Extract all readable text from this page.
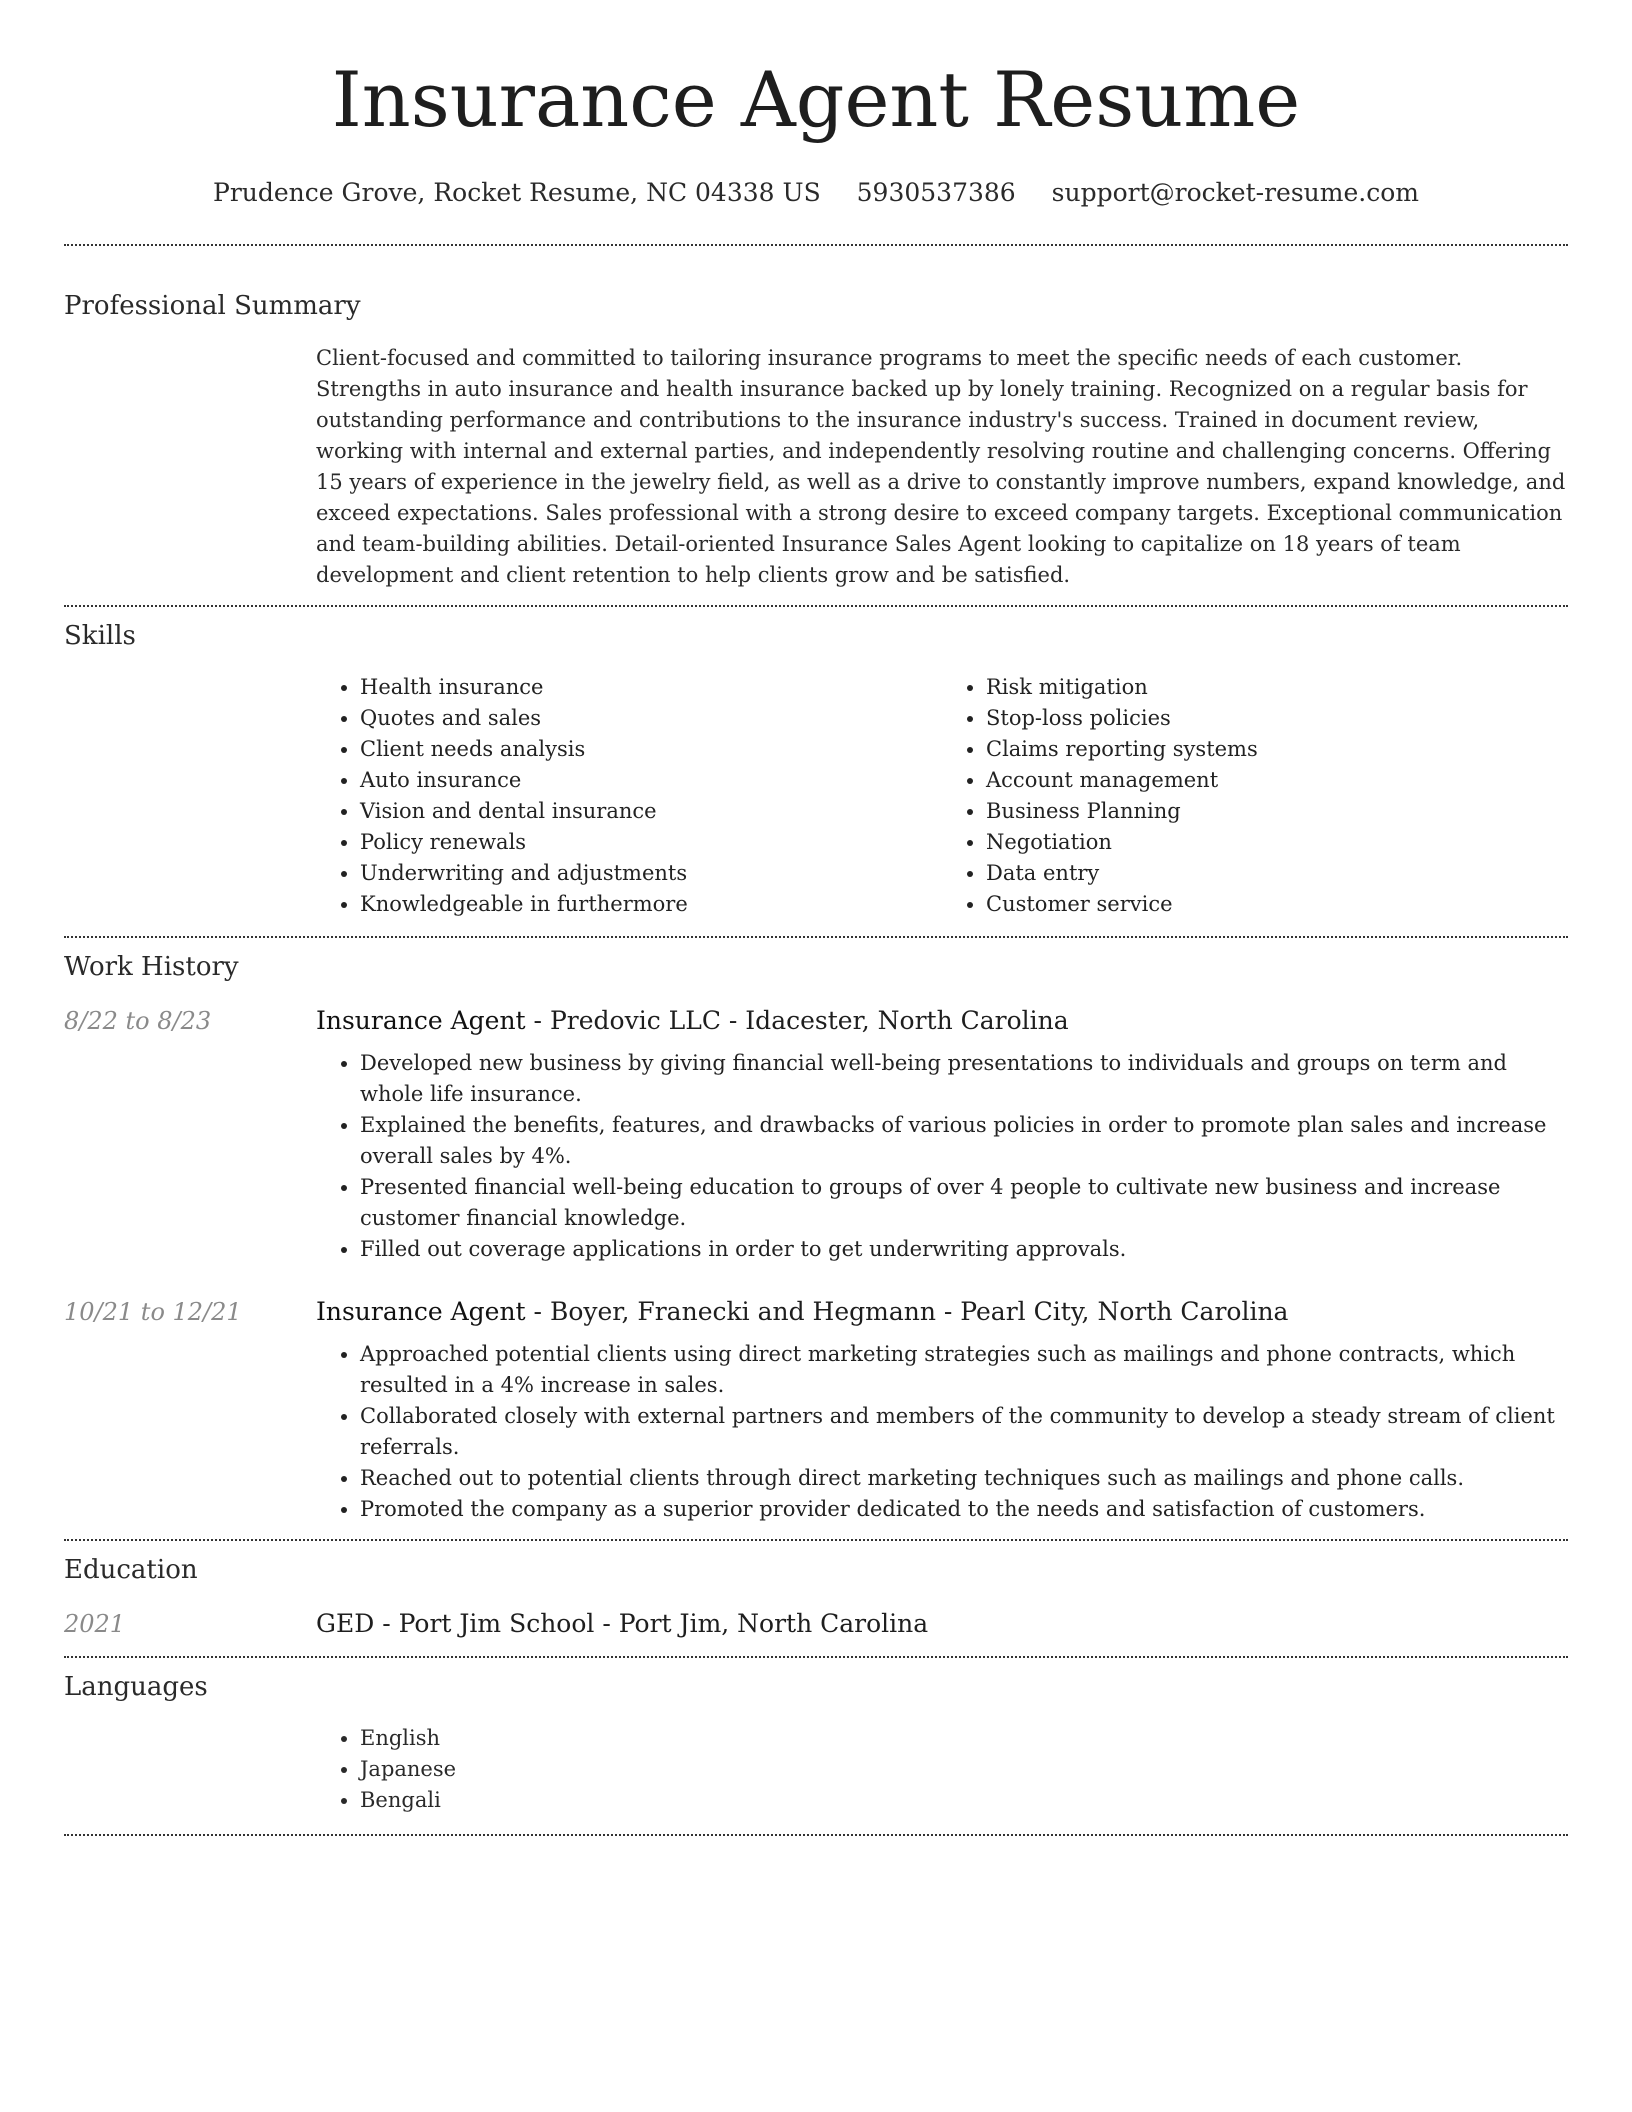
Insurance Agent Resume
Prudence Grove, Rocket Resume, NC 04338 US 5930537386 support@rocket-resume.com
Professional Summary

Client-focused and committed to tailoring insurance programs to meet the specific needs of each customer. Strengths in auto insurance and health insurance backed up by lonely training. Recognized on a regular basis for outstanding performance and contributions to the insurance industry's success. Trained in document review, working with internal and external parties, and independently resolving routine and challenging concerns. Offering 15 years of experience in the jewelry field, as well as a drive to constantly improve numbers, expand knowledge, and exceed expectations. Sales professional with a strong desire to exceed company targets. Exceptional communication and team-building abilities. Detail-oriented Insurance Sales Agent looking to capitalize on 18 years of team development and client retention to help clients grow and be satisfied.

Skills
• Health insurance
• Quotes and sales
• Client needs analysis
• Auto insurance
• Vision and dental insurance
• Policy renewals
• Underwriting and adjustments
• Knowledgeable in furthermore
• Risk mitigation
• Stop-loss policies
• Claims reporting systems
• Account management
• Business Planning
• Negotiation
• Data entry
• Customer service
Work History
8/22 to 8/23	Insurance Agent - Predovic LLC - Idacester, North Carolina
• Developed new business by giving financial well-being presentations to individuals and groups on term and whole life insurance.
• Explained the benefits, features, and drawbacks of various policies in order to promote plan sales and increase overall sales by 4%.
• Presented financial well-being education to groups of over 4 people to cultivate new business and increase customer financial knowledge.
• Filled out coverage applications in order to get underwriting approvals.
10/21 to 12/21	Insurance Agent - Boyer, Franecki and Hegmann - Pearl City, North Carolina
• Approached potential clients using direct marketing strategies such as mailings and phone contracts, which resulted in a 4% increase in sales.
• Collaborated closely with external partners and members of the community to develop a steady stream of client referrals.
• Reached out to potential clients through direct marketing techniques such as mailings and phone calls.
• Promoted the company as a superior provider dedicated to the needs and satisfaction of customers.
Education
2021	GED - Port Jim School - Port Jim, North Carolina
Languages
• English
• Japanese
• Bengali
